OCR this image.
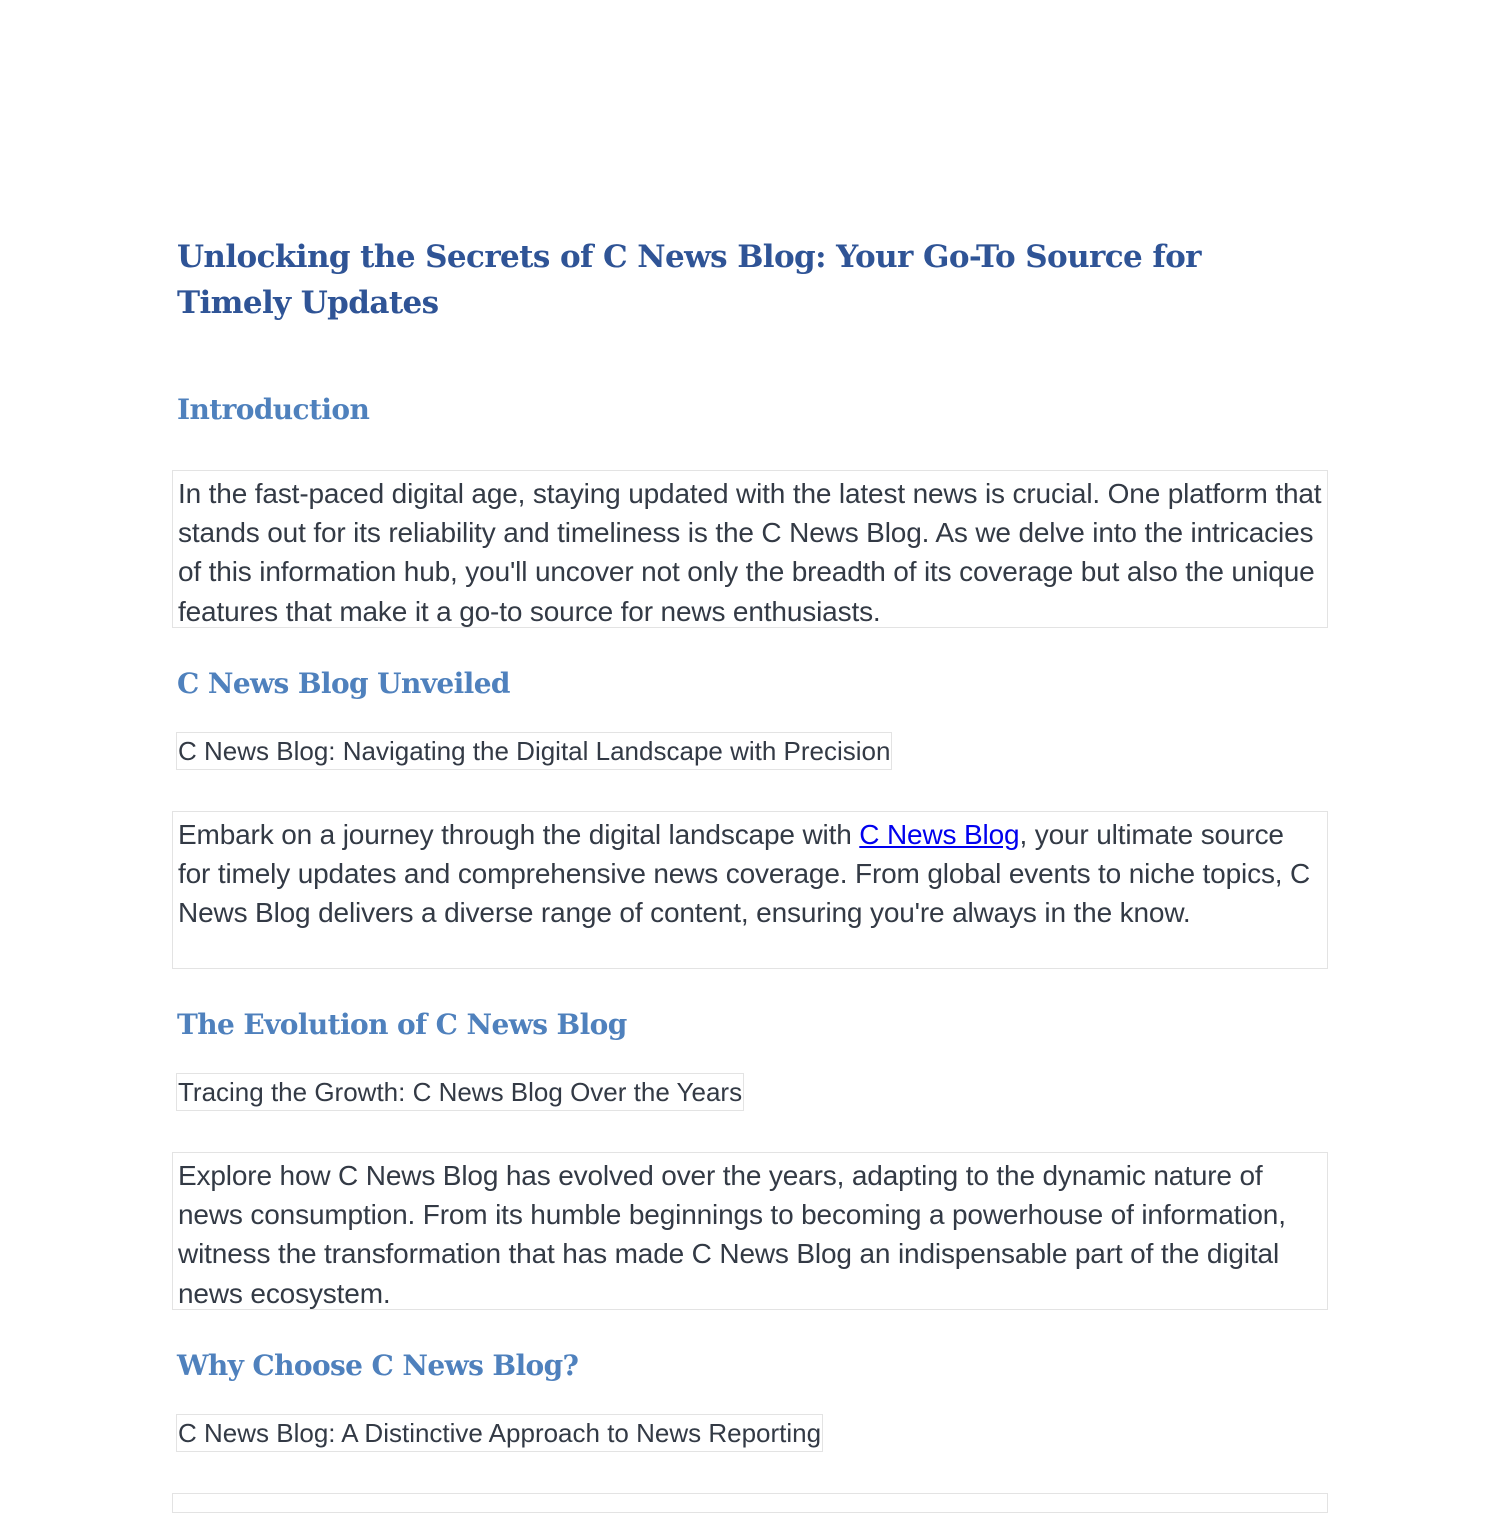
Unlocking the Secrets of C News Blog: Your Go-To Source for Timely Updates
Introduction
In the fast-paced digital age, staying updated with the latest news is crucial. One platform that stands out for its reliability and timeliness is the C News Blog. As we delve into the intricacies of this information hub, you'll uncover not only the breadth of its coverage but also the unique features that make it a go-to source for news enthusiasts.
C News Blog Unveiled
C News Blog: Navigating the Digital Landscape with Precision
Embark on a journey through the digital landscape with C News Blog, your ultimate source for timely updates and comprehensive news coverage. From global events to niche topics, C News Blog delivers a diverse range of content, ensuring you're always in the know.
The Evolution of C News Blog
Tracing the Growth: C News Blog Over the Years
Explore how C News Blog has evolved over the years, adapting to the dynamic nature of news consumption. From its humble beginnings to becoming a powerhouse of information, witness the transformation that has made C News Blog an indispensable part of the digital news ecosystem.
Why Choose C News Blog?
C News Blog: A Distinctive Approach to News Reporting
